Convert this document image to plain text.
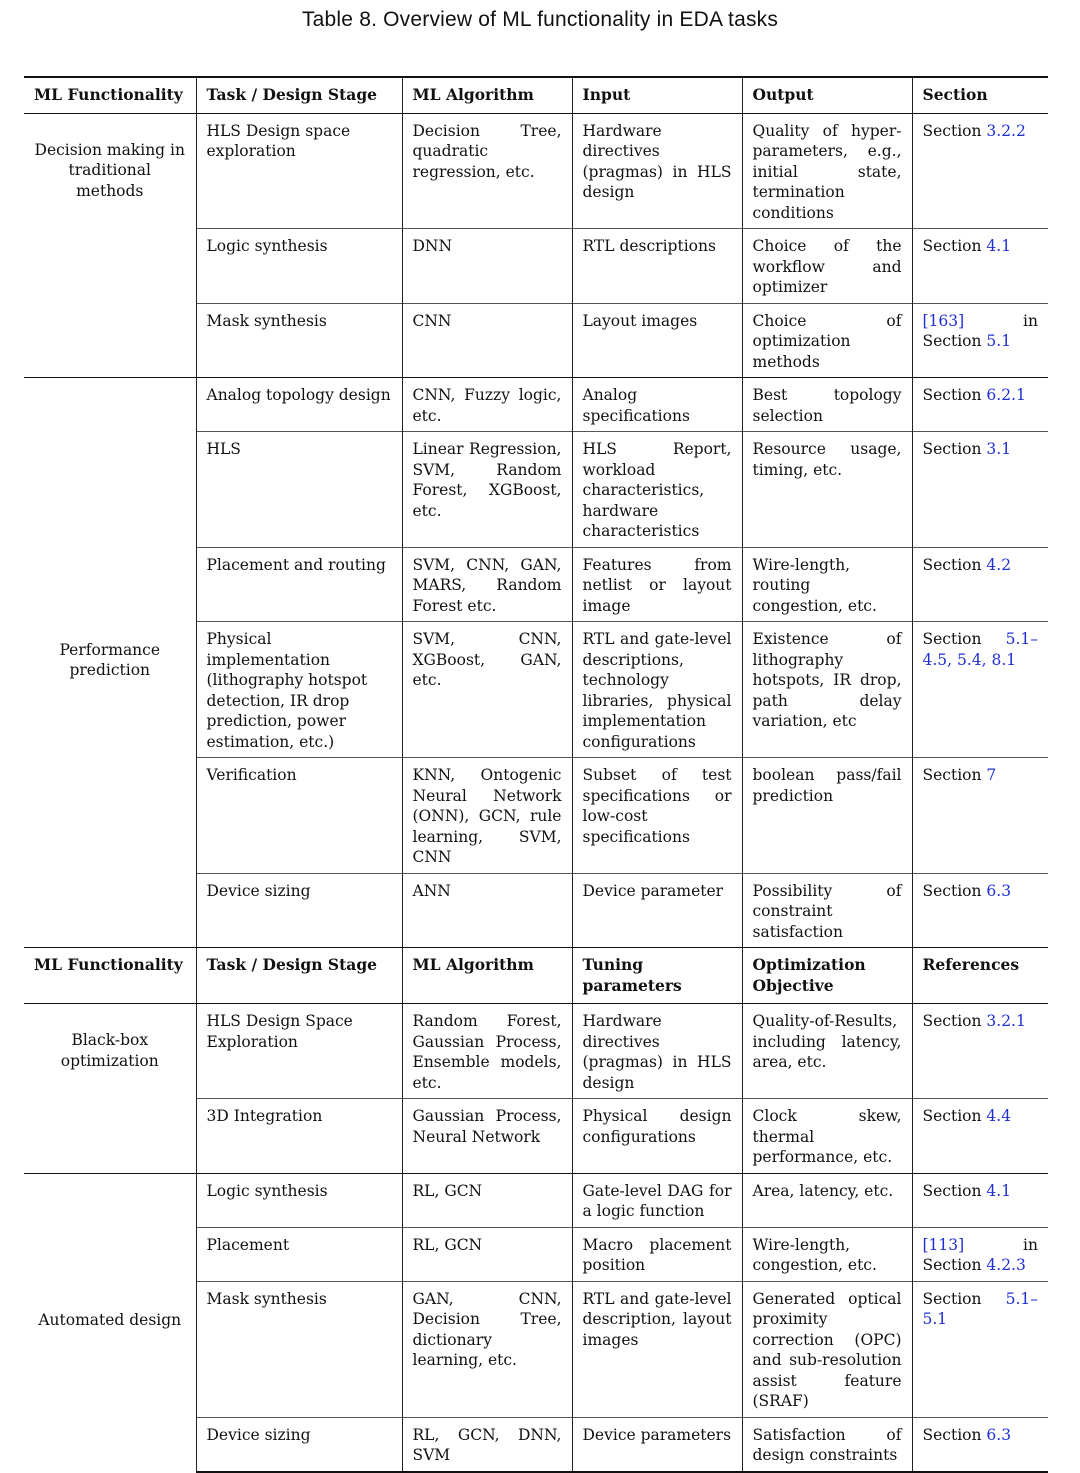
Table 8. Overview of ML functionality in EDA tasks
ML Functionality	Task / Design Stage	ML Algorithm	Input	Output	Section
Decision making in traditional methods	HLS Design space exploration	Decision Tree, quadratic regression, etc.	Hardware directives (pragmas) in HLS design	Quality of hyper-parameters, e.g., initial state, termination conditions	Section 3.2.2
	Logic synthesis	DNN	RTL descriptions	Choice of the workflow and optimizer	Section 4.1
	Mask synthesis	CNN	Layout images	Choice of optimization methods	[163] in Section 5.1
Performance prediction	Analog topology design	CNN, Fuzzy logic, etc.	Analog specifications	Best topology selection	Section 6.2.1
	HLS	Linear Regression, SVM, Random Forest, XGBoost, etc.	HLS Report, workload characteristics, hardware characteristics	Resource usage, timing, etc.	Section 3.1
	Placement and routing	SVM, CNN, GAN, MARS, Random Forest etc.	Features from netlist or layout image	Wire-length, routing congestion, etc.	Section 4.2
	Physical implementation (lithography hotspot detection, IR drop prediction, power estimation, etc.)	SVM, CNN, XGBoost, GAN, etc.	RTL and gate-level descriptions, technology libraries, physical implementation configurations	Existence of lithography hotspots, IR drop, path delay variation, etc	Section 5.1–4.5, 5.4, 8.1
	Verification	KNN, Ontogenic Neural Network (ONN), GCN, rule learning, SVM, CNN	Subset of test specifications or low-cost specifications	boolean pass/fail prediction	Section 7
	Device sizing	ANN	Device parameter	Possibility of constraint satisfaction	Section 6.3
ML Functionality	Task / Design Stage	ML Algorithm	Tuning parameters	Optimization Objective	References
Black-box optimization	HLS Design Space Exploration	Random Forest, Gaussian Process, Ensemble models, etc.	Hardware directives (pragmas) in HLS design	Quality-of-Results, including latency, area, etc.	Section 3.2.1
	3D Integration	Gaussian Process, Neural Network	Physical design configurations	Clock skew, thermal performance, etc.	Section 4.4
Automated design	Logic synthesis	RL, GCN	Gate-level DAG for a logic function	Area, latency, etc.	Section 4.1
	Placement	RL, GCN	Macro placement position	Wire-length, congestion, etc.	[113] in Section 4.2.3
	Mask synthesis	GAN, CNN, Decision Tree, dictionary learning, etc.	RTL and gate-level description, layout images	Generated optical proximity correction (OPC) and sub-resolution assist feature (SRAF)	Section 5.1–5.1
	Device sizing	RL, GCN, DNN, SVM	Device parameters	Satisfaction of design constraints	Section 6.3
